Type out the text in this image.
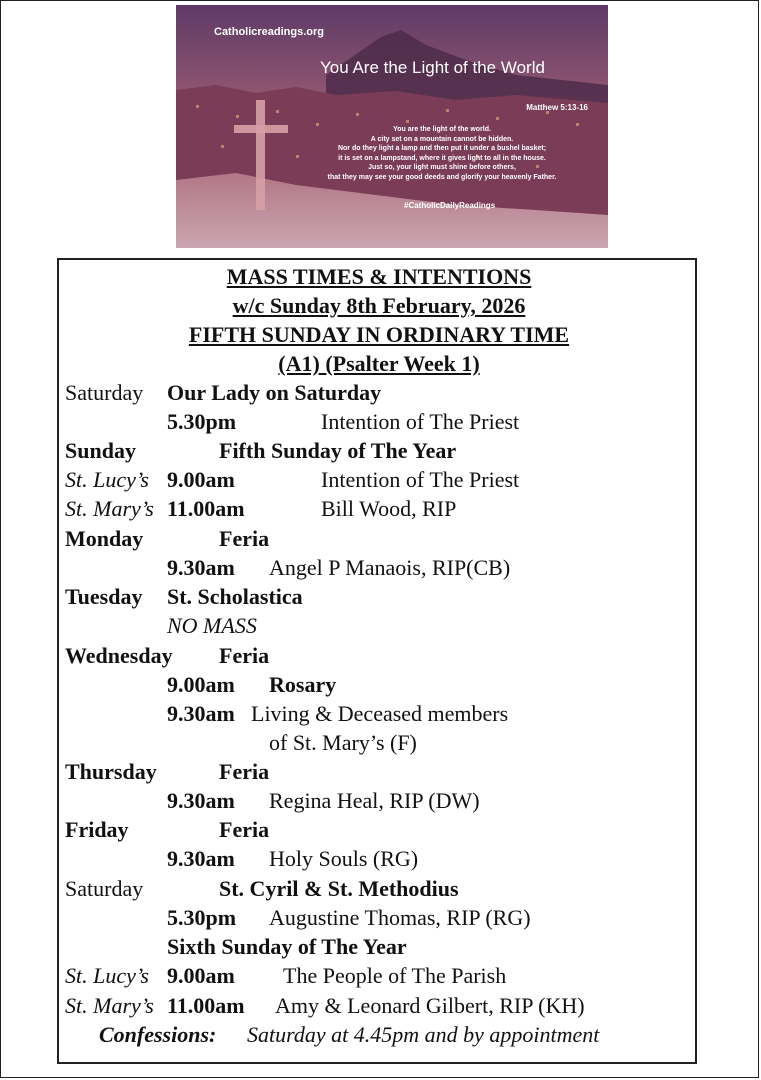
Catholicreadings.org
You Are the Light of the World
Matthew 5:13-16
You are the light of the world.
A city set on a mountain cannot be hidden.
Nor do they light a lamp and then put it under a bushel basket;
it is set on a lampstand, where it gives light to all in the house.
Just so, your light must shine before others,
that they may see your good deeds and glorify your heavenly Father.
#CatholicDailyReadings
MASS TIMES & INTENTIONS
w/c Sunday 8th February, 2026
FIFTH SUNDAY IN ORDINARY TIME
(A1) (Psalter Week 1)
Saturday Our Lady on Saturday
5.30pm	Intention of The Priest
Sunday	Fifth Sunday of The Year
St. Lucy’s 9.00am	Intention of The Priest
St. Mary’s 11.00am	Bill Wood, RIP
Monday	Feria
9.30am Angel P Manaois, RIP(CB)
Tuesday St. Scholastica
NO MASS
Wednesday Feria
9.00am Rosary
9.30am Living & Deceased members
of St. Mary’s (F)
Thursday	Feria
9.30am Regina Heal, RIP (DW)
Friday	Feria
9.30am Holy Souls (RG)
Saturday	St. Cyril & St. Methodius
5.30pm Augustine Thomas, RIP (RG)
Sixth Sunday of The Year
St. Lucy’s 9.00am The People of The Parish
St. Mary’s 11.00am Amy & Leonard Gilbert, RIP (KH)
Confessions: Saturday at 4.45pm and by appointment
